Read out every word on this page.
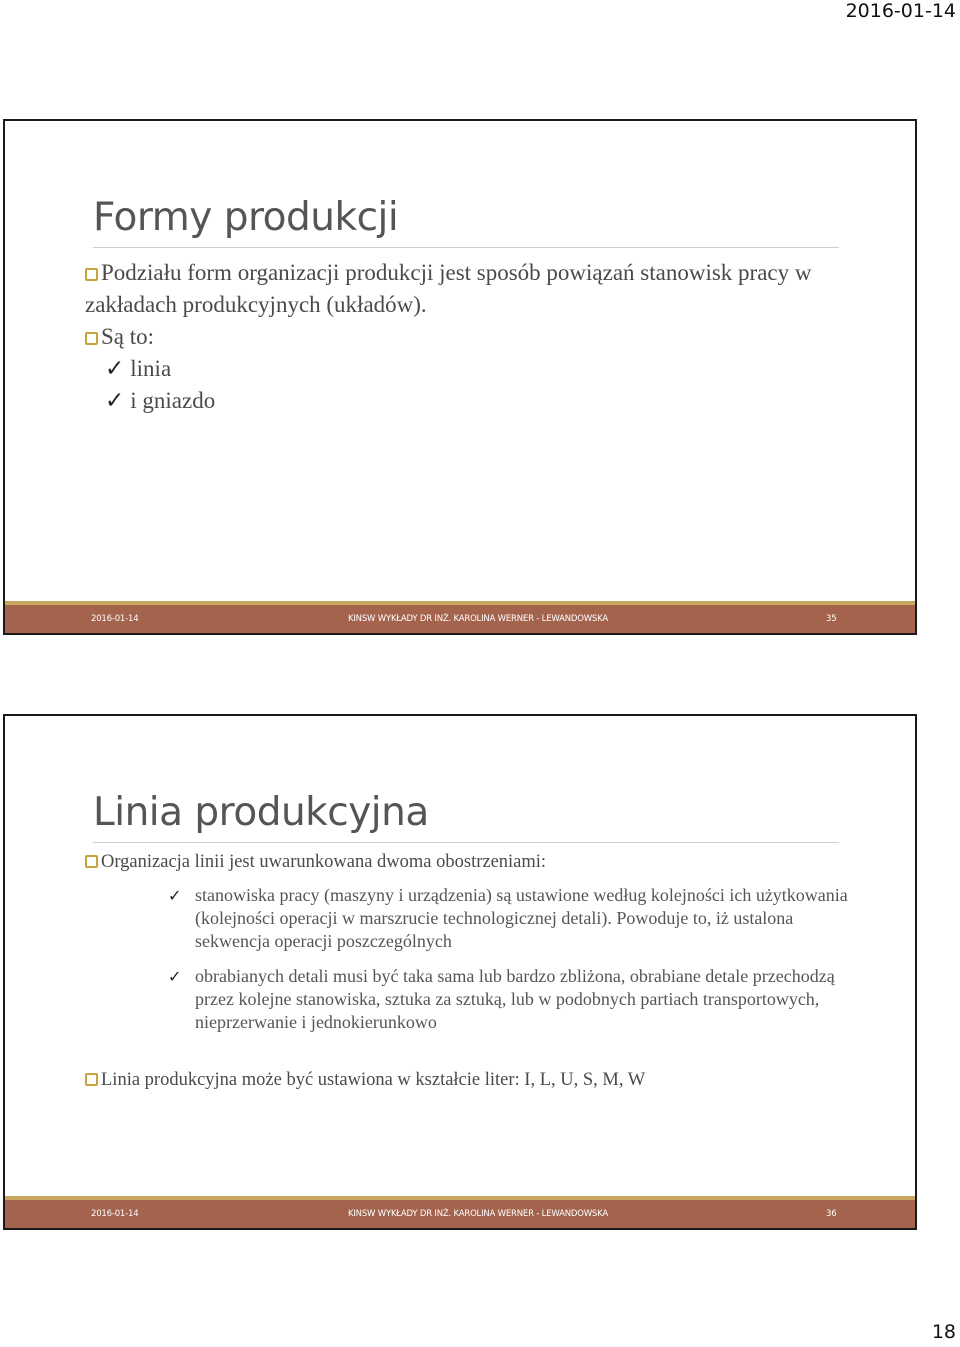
2016-01-14
Formy produkcji

Podziału form organizacji produkcji jest sposób powiązań stanowisk pracy w zakładach produkcyjnych (układów).

Są to:

✓ linia

✓ i gniazdo

2016-01-14	KINSW WYKŁADY DR INŻ. KAROLINA WERNER - LEWANDOWSKA	35
Linia produkcyjna

Organizacja linii jest uwarunkowana dwoma obostrzeniami:

✓ stanowiska pracy (maszyny i urządzenia) są ustawione według kolejności ich użytkowania (kolejności operacji w marszrucie technologicznej detali). Powoduje to, iż ustalona sekwencja operacji poszczególnych

✓ obrabianych detali musi być taka sama lub bardzo zbliżona, obrabiane detale przechodzą przez kolejne stanowiska, sztuka za sztuką, lub w podobnych partiach transportowych, nieprzerwanie i jednokierunkowo

Linia produkcyjna może być ustawiona w kształcie liter: I, L, U, S, M, W

2016-01-14	KINSW WYKŁADY DR INŻ. KAROLINA WERNER - LEWANDOWSKA	36
18
